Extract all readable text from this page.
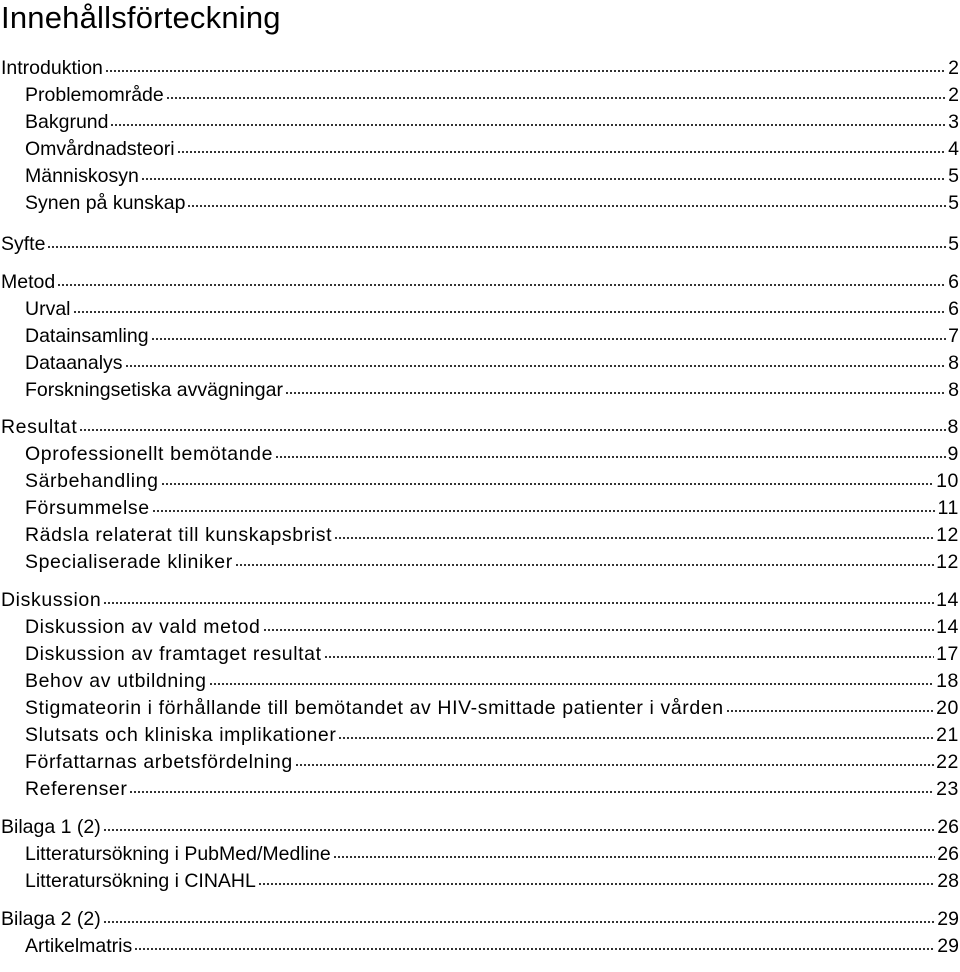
Innehållsförteckning
Introduktion	2
Problemområde	2
Bakgrund	3
Omvårdnadsteori	4
Människosyn	5
Synen på kunskap	5
Syfte	5
Metod	6
Urval	6
Datainsamling	7
Dataanalys	8
Forskningsetiska avvägningar	8
Resultat	8
Oprofessionellt bemötande	9
Särbehandling	10
Försummelse	11
Rädsla relaterat till kunskapsbrist	12
Specialiserade kliniker	12
Diskussion	14
Diskussion av vald metod	14
Diskussion av framtaget resultat	17
Behov av utbildning	18
Stigmateorin i förhållande till bemötandet av HIV-smittade patienter i vården	20
Slutsats och kliniska implikationer	21
Författarnas arbetsfördelning	22
Referenser	23
Bilaga 1 (2)	26
Litteratursökning i PubMed/Medline	26
Litteratursökning i CINAHL	28
Bilaga 2 (2)	29
Artikelmatris	29
